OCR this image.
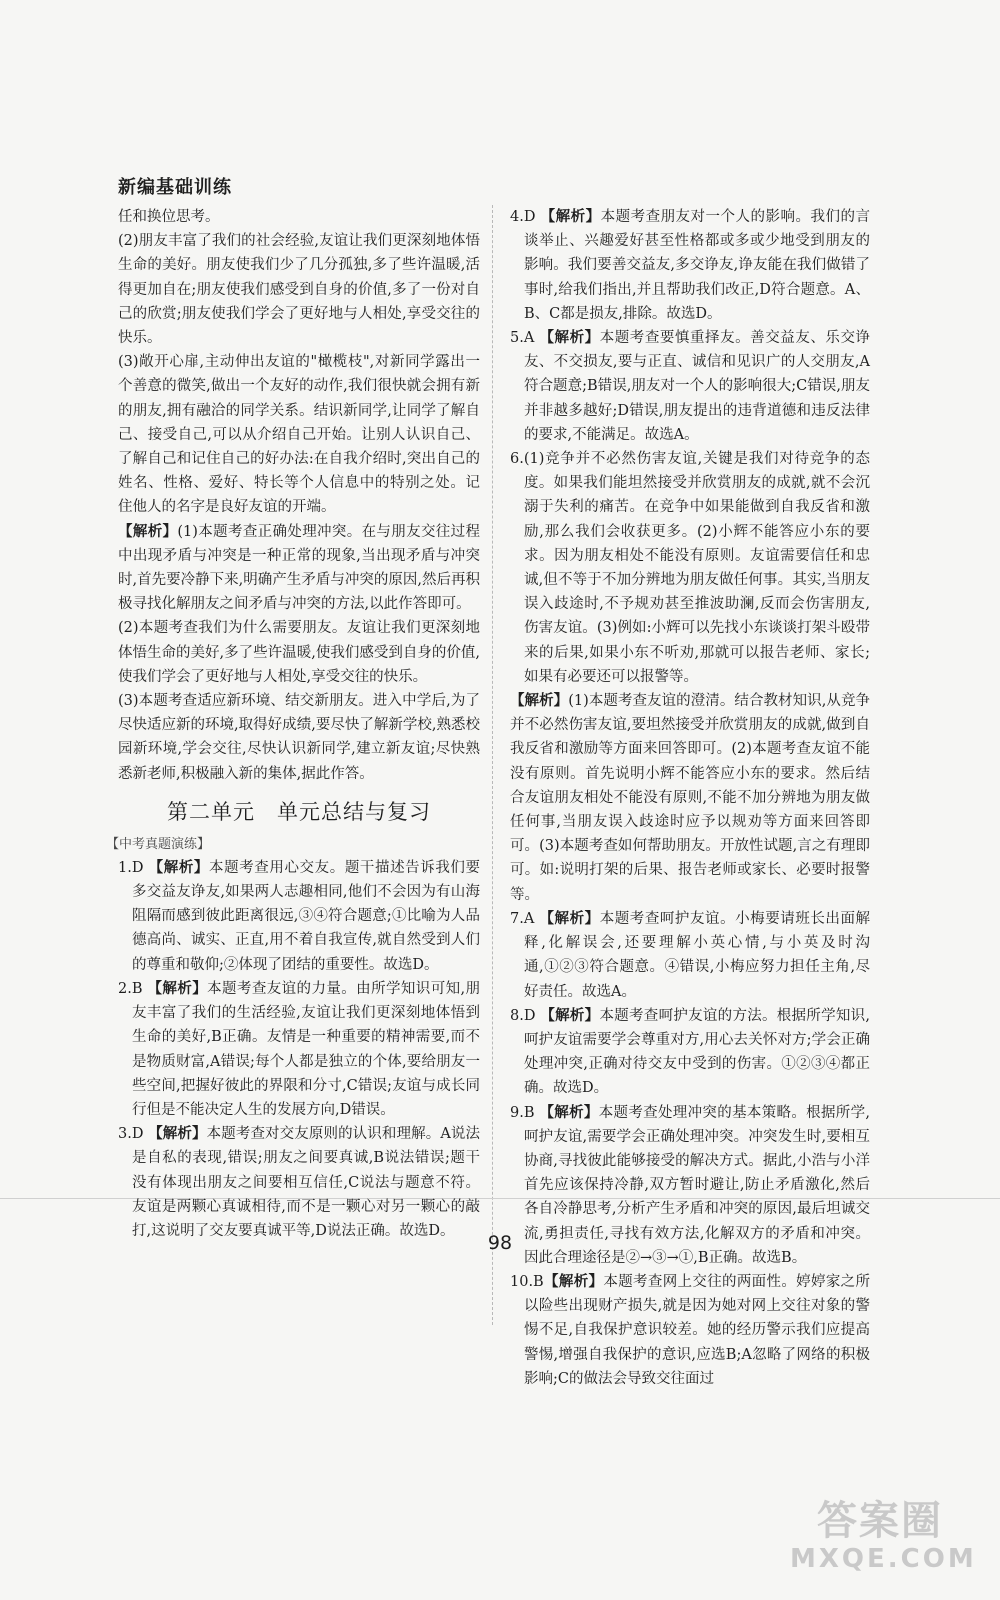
新编基础训练

任和换位思考。

(2)朋友丰富了我们的社会经验,友谊让我们更深刻地体悟生命的美好。朋友使我们少了几分孤独,多了些许温暖,活得更加自在;朋友使我们感受到自身的价值,多了一份对自己的欣赏;朋友使我们学会了更好地与人相处,享受交往的快乐。

(3)敞开心扉,主动伸出友谊的"橄榄枝",对新同学露出一个善意的微笑,做出一个友好的动作,我们很快就会拥有新的朋友,拥有融洽的同学关系。结识新同学,让同学了解自己、接受自己,可以从介绍自己开始。让别人认识自己、了解自己和记住自己的好办法:在自我介绍时,突出自己的姓名、性格、爱好、特长等个人信息中的特别之处。记住他人的名字是良好友谊的开端。

【解析】(1)本题考查正确处理冲突。在与朋友交往过程中出现矛盾与冲突是一种正常的现象,当出现矛盾与冲突时,首先要冷静下来,明确产生矛盾与冲突的原因,然后再积极寻找化解朋友之间矛盾与冲突的方法,以此作答即可。

(2)本题考查我们为什么需要朋友。友谊让我们更深刻地体悟生命的美好,多了些许温暖,使我们感受到自身的价值,使我们学会了更好地与人相处,享受交往的快乐。

(3)本题考查适应新环境、结交新朋友。进入中学后,为了尽快适应新的环境,取得好成绩,要尽快了解新学校,熟悉校园新环境,学会交往,尽快认识新同学,建立新友谊;尽快熟悉新老师,积极融入新的集体,据此作答。

第二单元　单元总结与复习
【中考真题演练】

1.D 【解析】本题考查用心交友。题干描述告诉我们要多交益友诤友,如果两人志趣相同,他们不会因为有山海阻隔而感到彼此距离很远,③④符合题意;①比喻为人品德高尚、诚实、正直,用不着自我宣传,就自然受到人们的尊重和敬仰;②体现了团结的重要性。故选D。

2.B 【解析】本题考查友谊的力量。由所学知识可知,朋友丰富了我们的生活经验,友谊让我们更深刻地体悟到生命的美好,B正确。友情是一种重要的精神需要,而不是物质财富,A错误;每个人都是独立的个体,要给朋友一些空间,把握好彼此的界限和分寸,C错误;友谊与成长同行但是不能决定人生的发展方向,D错误。

3.D 【解析】本题考查对交友原则的认识和理解。A说法是自私的表现,错误;朋友之间要真诚,B说法错误;题干没有体现出朋友之间要相互信任,C说法与题意不符。友谊是两颗心真诚相待,而不是一颗心对另一颗心的敲打,这说明了交友要真诚平等,D说法正确。故选D。

4.D 【解析】本题考查朋友对一个人的影响。我们的言谈举止、兴趣爱好甚至性格都或多或少地受到朋友的影响。我们要善交益友,多交诤友,诤友能在我们做错了事时,给我们指出,并且帮助我们改正,D符合题意。A、B、C都是损友,排除。故选D。

5.A 【解析】本题考查要慎重择友。善交益友、乐交诤友、不交损友,要与正直、诚信和见识广的人交朋友,A符合题意;B错误,朋友对一个人的影响很大;C错误,朋友并非越多越好;D错误,朋友提出的违背道德和违反法律的要求,不能满足。故选A。

6.(1)竞争并不必然伤害友谊,关键是我们对待竞争的态度。如果我们能坦然接受并欣赏朋友的成就,就不会沉溺于失利的痛苦。在竞争中如果能做到自我反省和激励,那么我们会收获更多。(2)小辉不能答应小东的要求。因为朋友相处不能没有原则。友谊需要信任和忠诚,但不等于不加分辨地为朋友做任何事。其实,当朋友误入歧途时,不予规劝甚至推波助澜,反而会伤害朋友,伤害友谊。(3)例如:小辉可以先找小东谈谈打架斗殴带来的后果,如果小东不听劝,那就可以报告老师、家长;如果有必要还可以报警等。

【解析】(1)本题考查友谊的澄清。结合教材知识,从竞争并不必然伤害友谊,要坦然接受并欣赏朋友的成就,做到自我反省和激励等方面来回答即可。(2)本题考查友谊不能没有原则。首先说明小辉不能答应小东的要求。然后结合友谊朋友相处不能没有原则,不能不加分辨地为朋友做任何事,当朋友误入歧途时应予以规劝等方面来回答即可。(3)本题考查如何帮助朋友。开放性试题,言之有理即可。如:说明打架的后果、报告老师或家长、必要时报警等。

7.A 【解析】本题考查呵护友谊。小梅要请班长出面解释,化解误会,还要理解小英心情,与小英及时沟通,①②③符合题意。④错误,小梅应努力担任主角,尽好责任。故选A。

8.D 【解析】本题考查呵护友谊的方法。根据所学知识,呵护友谊需要学会尊重对方,用心去关怀对方;学会正确处理冲突,正确对待交友中受到的伤害。①②③④都正确。故选D。

9.B 【解析】本题考查处理冲突的基本策略。根据所学,呵护友谊,需要学会正确处理冲突。冲突发生时,要相互协商,寻找彼此能够接受的解决方式。据此,小浩与小洋首先应该保持冷静,双方暂时避让,防止矛盾激化,然后各自冷静思考,分析产生矛盾和冲突的原因,最后坦诚交流,勇担责任,寻找有效方法,化解双方的矛盾和冲突。因此合理途径是②→③→①,B正确。故选B。

10.B【解析】本题考查网上交往的两面性。婷婷家之所以险些出现财产损失,就是因为她对网上交往对象的警惕不足,自我保护意识较差。她的经历警示我们应提高警惕,增强自我保护的意识,应选B;A忽略了网络的积极影响;C的做法会导致交往面过

98
答案圈
MXQE.COM
